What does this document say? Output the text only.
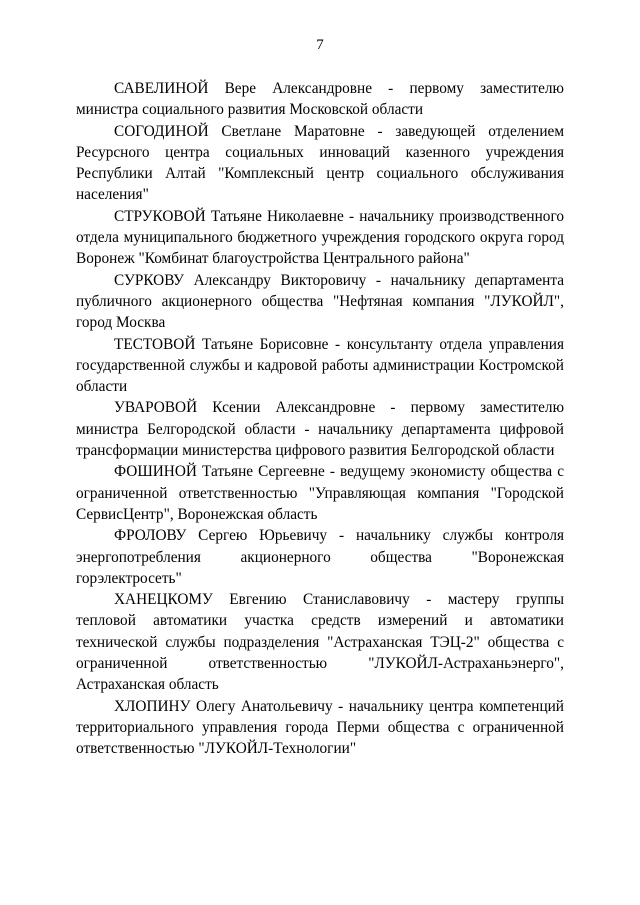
7

САВЕЛИНОЙ Вере Александровне - первому заместителю министра социального развития Московской области

СОГОДИНОЙ Светлане Маратовне - заведующей отделением Ресурсного центра социальных инноваций казенного учреждения Республики Алтай "Комплексный центр социального обслуживания населения"

СТРУКОВОЙ Татьяне Николаевне - начальнику производственного отдела муниципального бюджетного учреждения городского округа город Воронеж "Комбинат благоустройства Центрального района"

СУРКОВУ Александру Викторовичу - начальнику департамента публичного акционерного общества "Нефтяная компания "ЛУКОЙЛ", город Москва

ТЕСТОВОЙ Татьяне Борисовне - консультанту отдела управления государственной службы и кадровой работы администрации Костромской области

УВАРОВОЙ Ксении Александровне - первому заместителю министра Белгородской области - начальнику департамента цифровой трансформации министерства цифрового развития Белгородской области

ФОШИНОЙ Татьяне Сергеевне - ведущему экономисту общества с ограниченной ответственностью "Управляющая компания "Городской СервисЦентр", Воронежская область

ФРОЛОВУ Сергею Юрьевичу - начальнику службы контроля энергопотребления акционерного общества "Воронежская горэлектросеть"

ХАНЕЦКОМУ Евгению Станиславовичу - мастеру группы тепловой автоматики участка средств измерений и автоматики технической службы подразделения "Астраханская ТЭЦ-2" общества с ограниченной ответственностью "ЛУКОЙЛ-Астраханьэнерго", Астраханская область

ХЛОПИНУ Олегу Анатольевичу - начальнику центра компетенций территориального управления города Перми общества с ограниченной ответственностью "ЛУКОЙЛ-Технологии"
